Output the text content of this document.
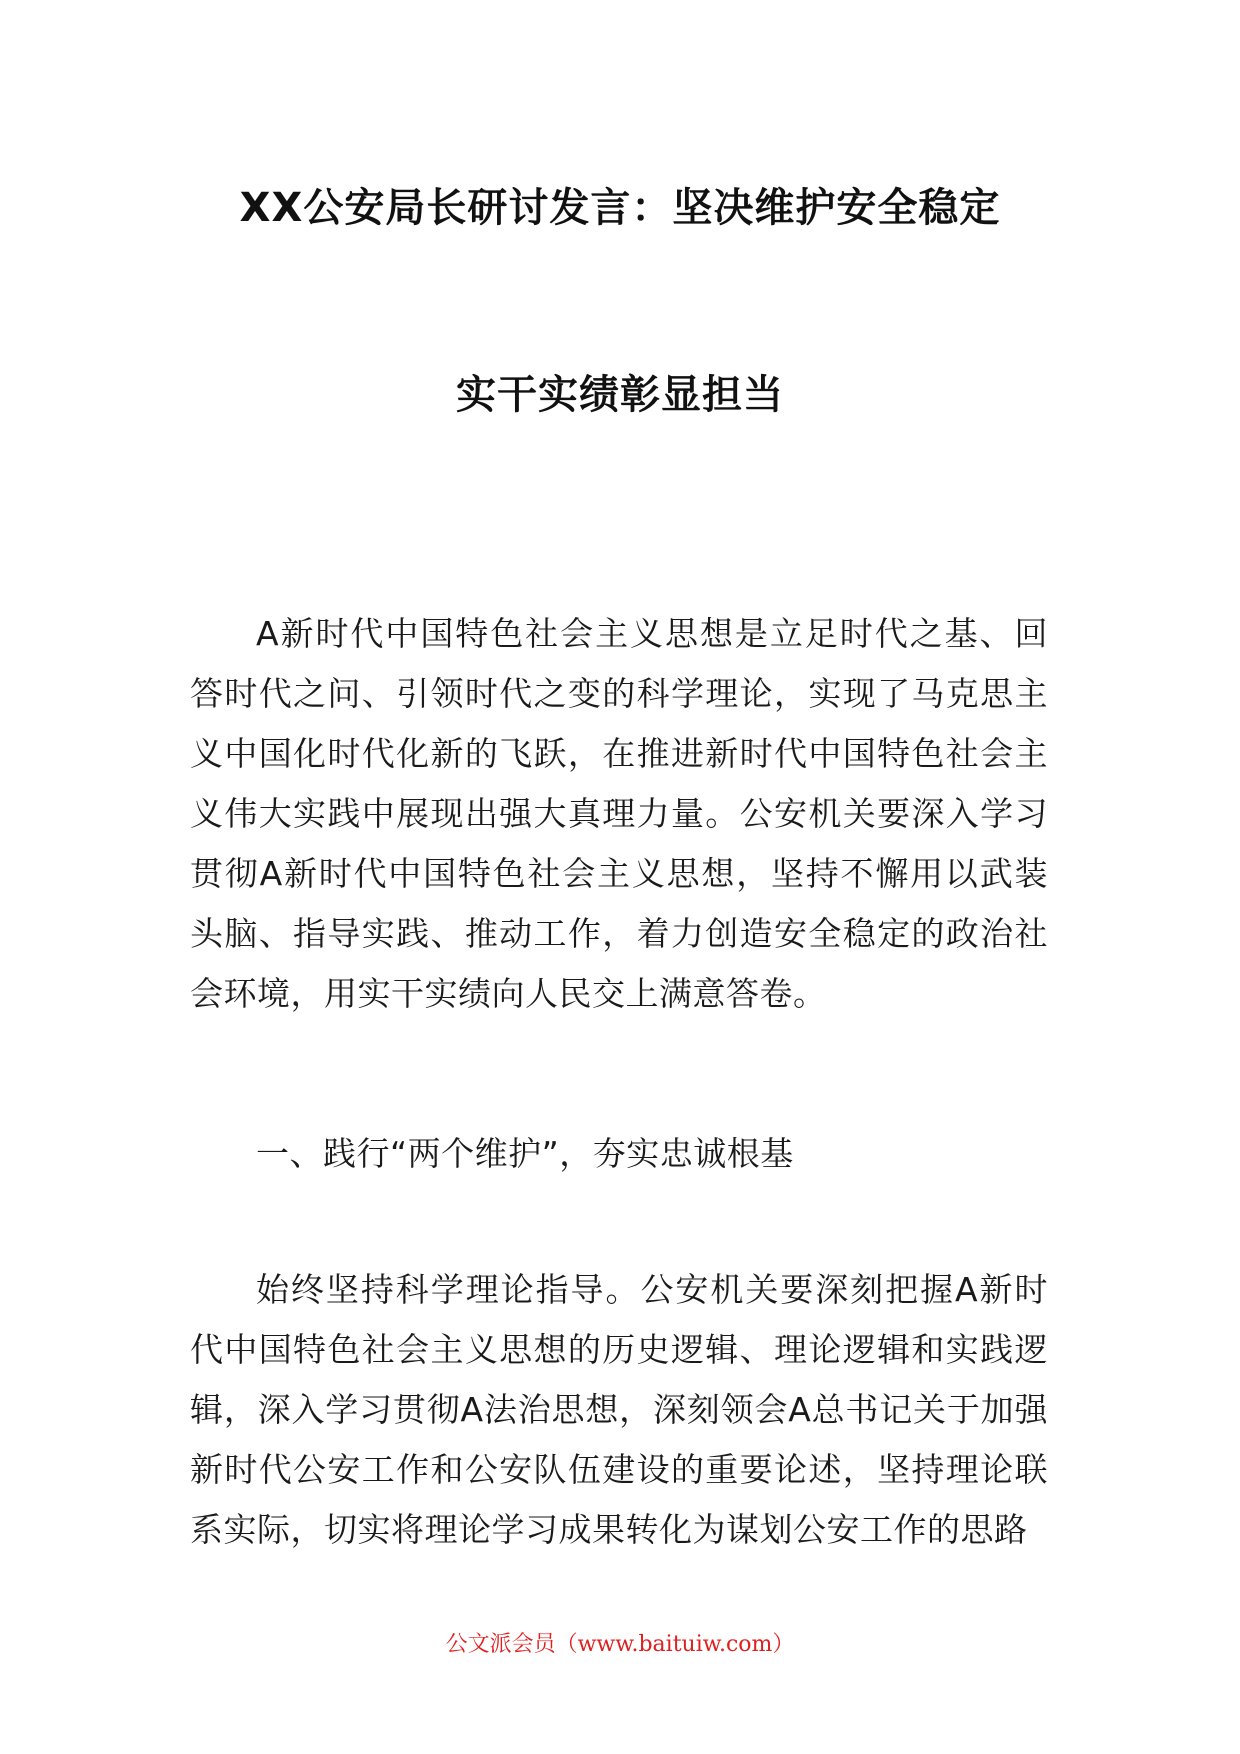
XX公安局长研讨发言：坚决维护安全稳定
实干实绩彰显担当

A新时代中国特色社会主义思想是立足时代之基、回答时代之问、引领时代之变的科学理论，实现了马克思主义中国化时代化新的飞跃，在推进新时代中国特色社会主义伟大实践中展现出强大真理力量。公安机关要深入学习贯彻A新时代中国特色社会主义思想，坚持不懈用以武装头脑、指导实践、推动工作，着力创造安全稳定的政治社会环境，用实干实绩向人民交上满意答卷。

一、践行“两个维护”，夯实忠诚根基

始终坚持科学理论指导。公安机关要深刻把握A新时代中国特色社会主义思想的历史逻辑、理论逻辑和实践逻辑，深入学习贯彻A法治思想，深刻领会A总书记关于加强新时代公安工作和公安队伍建设的重要论述，坚持理论联系实际，切实将理论学习成果转化为谋划公安工作的思路

公文派会员（www.baituiw.com）
